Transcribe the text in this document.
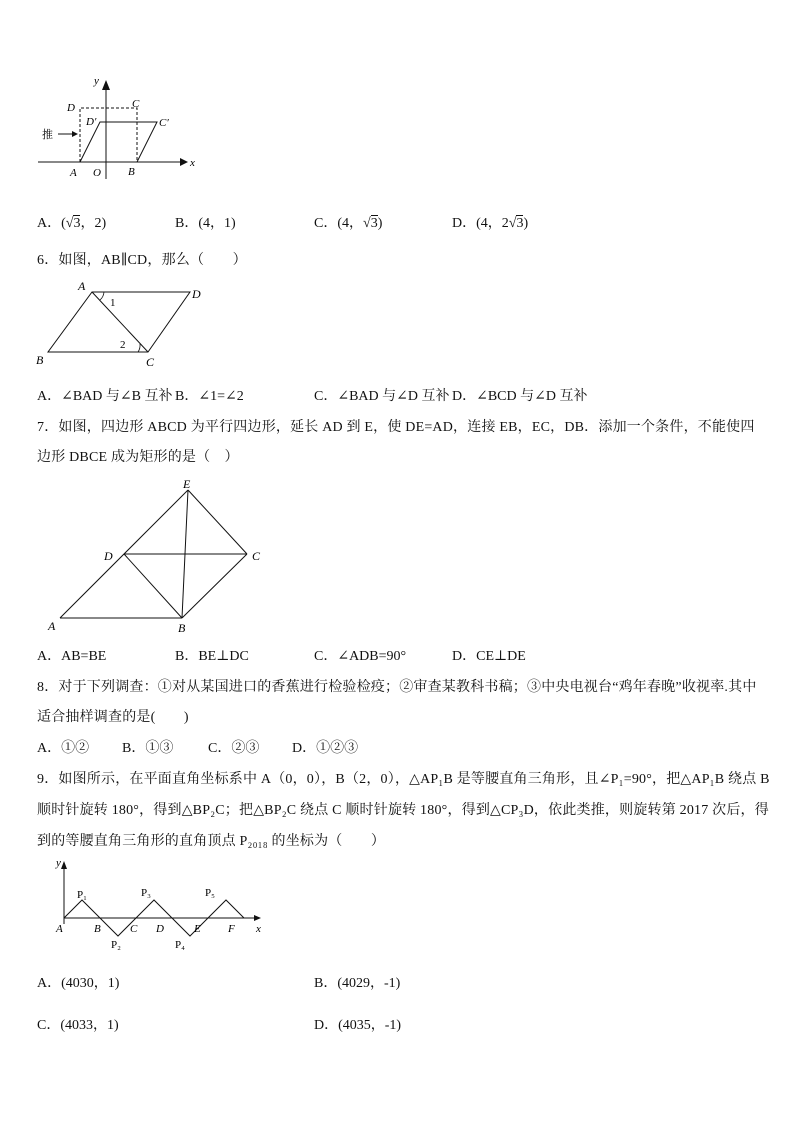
y
x
D	C
D′	C′
A O B
推
A．(√3，2)	B．(4，1)	C．(4，√3)	D．(4，2√3)
6．如图，AB∥CD，那么（　　）
A
D
B	C
1
2
A．∠BAD 与∠B 互补 B．∠1=∠2	C．∠BAD 与∠D 互补 D．∠BCD 与∠D 互补
7．如图，四边形 ABCD 为平行四边形，延长 AD 到 E，使 DE=AD，连接 EB，EC，DB．添加一个条件，不能使四
边形 DBCE 成为矩形的是（　）
E
D	C
A	B
A．AB=BE	B．BE⊥DC	C．∠ADB=90°	D．CE⊥DE
8．对于下列调查：①对从某国进口的香蕉进行检验检疫；②审查某教科书稿；③中央电视台“鸡年春晚”收视率.其中
适合抽样调查的是(　　)
A．①② B．①③ C．②③ D．①②③
9．如图所示，在平面直角坐标系中 A（0，0），B（2，0），△AP₁B 是等腰直角三角形，且∠P₁=90°，把△AP₁B 绕点 B
顺时针旋转 180°，得到△BP₂C；把△BP₂C 绕点 C 顺时针旋转 180°，得到△CP₃D，依此类推，则旋转第 2017 次后，得
到的等腰直角三角形的直角顶点 P₂₀₁₈ 的坐标为（　　）
y
x
A	B	C D	E F
P₁
P₂
P₃
P₄
P₅
A．(4030，1)	B．(4029，-1)
C．(4033，1)	D．(4035，-1)
